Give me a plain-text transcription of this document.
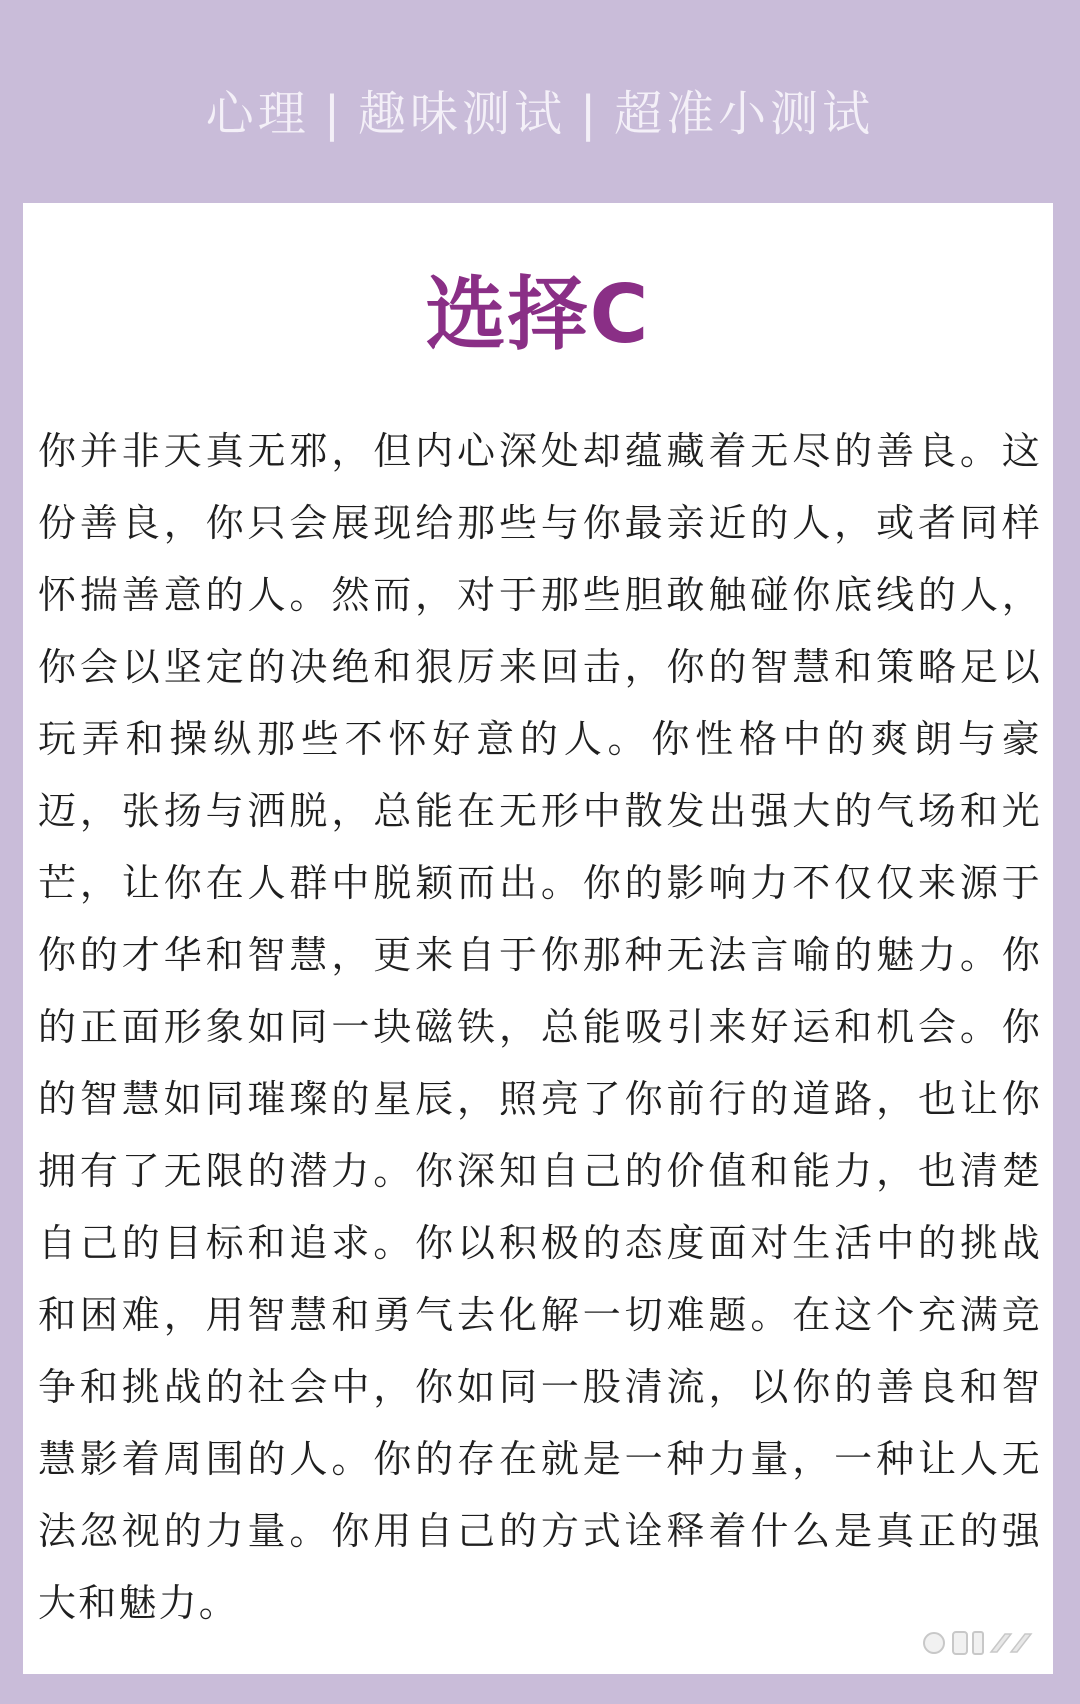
心理 | 趣味测试 | 超准小测试
选择C

你并非天真无邪，但内心深处却蕴藏着无尽的善良。这份善良，你只会展现给那些与你最亲近的人，或者同样怀揣善意的人。然而，对于那些胆敢触碰你底线的人，你会以坚定的决绝和狠厉来回击，你的智慧和策略足以玩弄和操纵那些不怀好意的人。你性格中的爽朗与豪迈，张扬与洒脱，总能在无形中散发出强大的气场和光芒，让你在人群中脱颖而出。你的影响力不仅仅来源于你的才华和智慧，更来自于你那种无法言喻的魅力。你的正面形象如同一块磁铁，总能吸引来好运和机会。你的智慧如同璀璨的星辰，照亮了你前行的道路，也让你拥有了无限的潜力。你深知自己的价值和能力，也清楚自己的目标和追求。你以积极的态度面对生活中的挑战和困难，用智慧和勇气去化解一切难题。在这个充满竞争和挑战的社会中，你如同一股清流，以你的善良和智慧影着周围的人。你的存在就是一种力量，一种让人无法忽视的力量。你用自己的方式诠释着什么是真正的强大和魅力。
